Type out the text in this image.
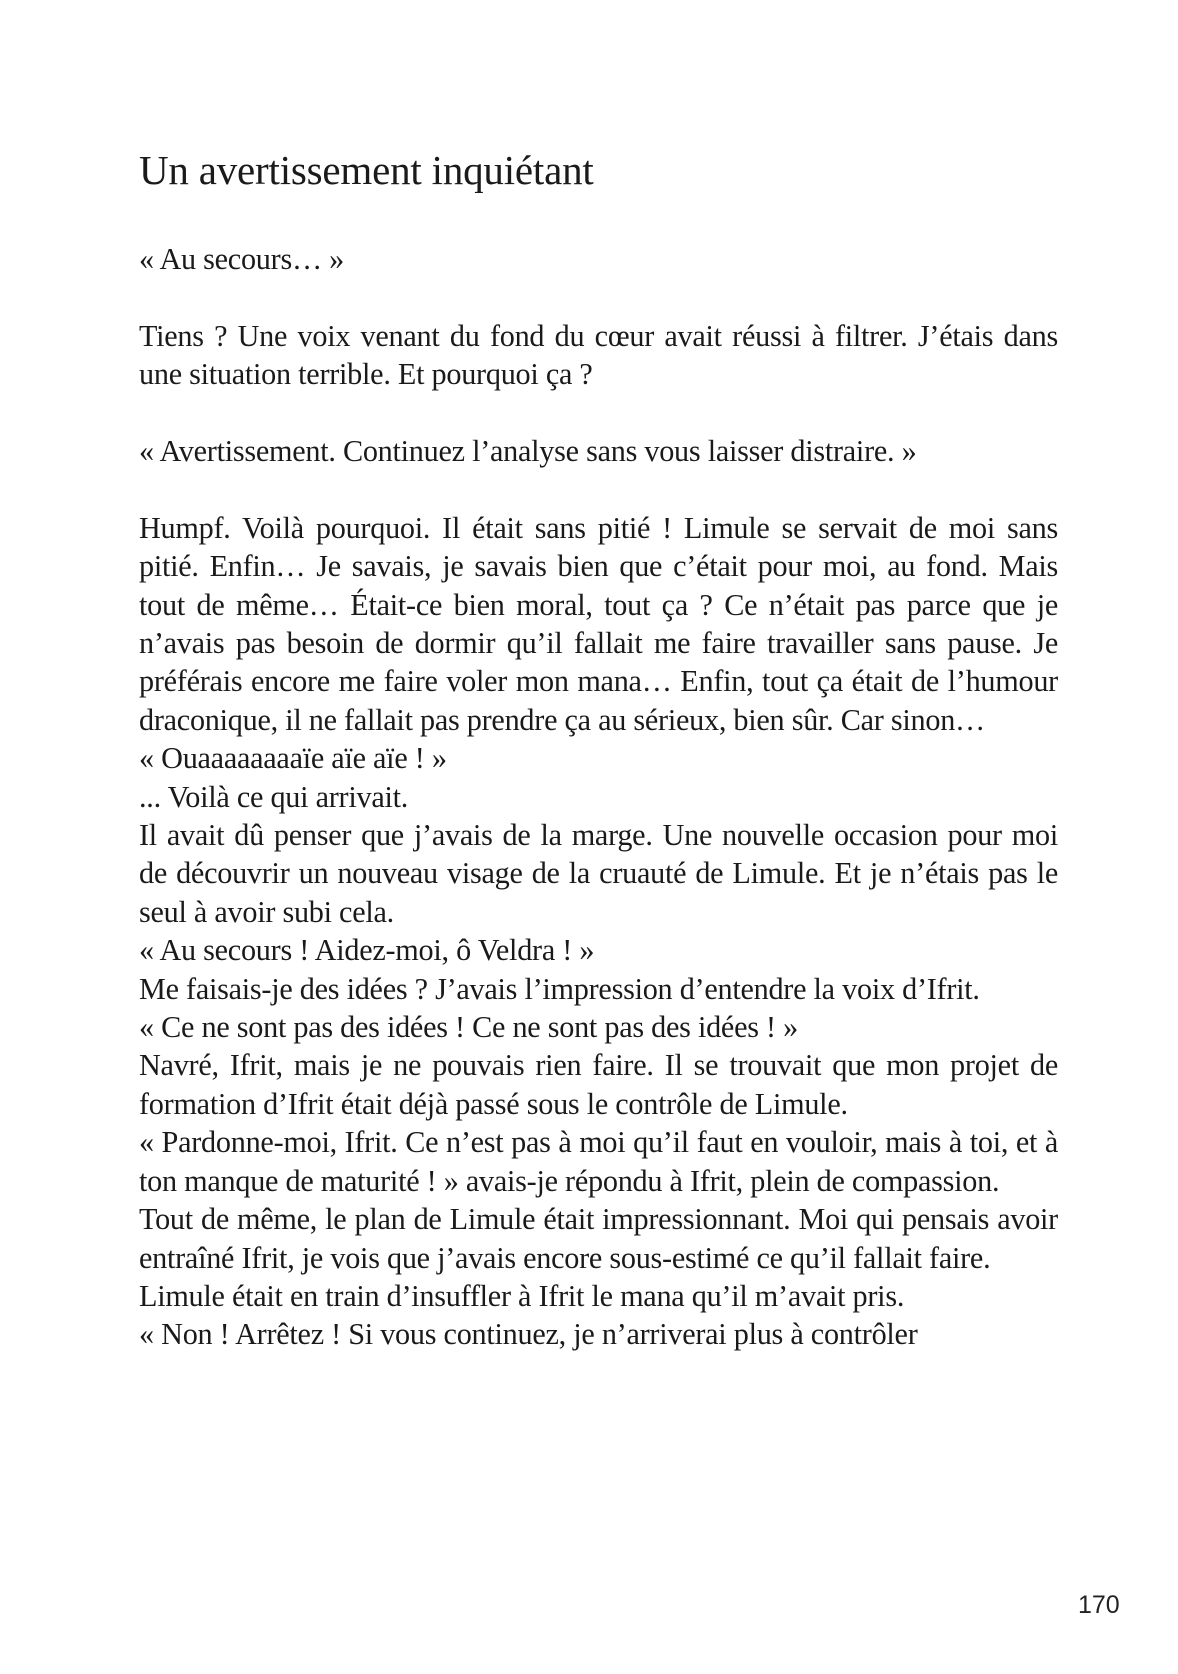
Un avertissement inquiétant

« Au secours… »

Tiens ? Une voix venant du fond du cœur avait réussi à filtrer. J’étais dans une situation terrible. Et pourquoi ça ?

« Avertissement. Continuez l’analyse sans vous laisser distraire. »

Humpf. Voilà pourquoi. Il était sans pitié ! Limule se servait de moi sans pitié. Enfin… Je savais, je savais bien que c’était pour moi, au fond. Mais tout de même… Était-ce bien moral, tout ça ? Ce n’était pas parce que je n’avais pas besoin de dormir qu’il fallait me faire travailler sans pause. Je préférais encore me faire voler mon mana… Enfin, tout ça était de l’humour draconique, il ne fallait pas prendre ça au sérieux, bien sûr. Car sinon…

« Ouaaaaaaaaïe aïe aïe ! »

... Voilà ce qui arrivait.

Il avait dû penser que j’avais de la marge. Une nouvelle occasion pour moi de découvrir un nouveau visage de la cruauté de Limule. Et je n’étais pas le seul à avoir subi cela.

« Au secours ! Aidez-moi, ô Veldra ! »

Me faisais-je des idées ? J’avais l’impression d’entendre la voix d’Ifrit.

« Ce ne sont pas des idées ! Ce ne sont pas des idées ! »

Navré, Ifrit, mais je ne pouvais rien faire. Il se trouvait que mon projet de formation d’Ifrit était déjà passé sous le contrôle de Limule.

« Pardonne-moi, Ifrit. Ce n’est pas à moi qu’il faut en vouloir, mais à toi, et à ton manque de maturité ! » avais-je répondu à Ifrit, plein de compassion.

Tout de même, le plan de Limule était impressionnant. Moi qui pensais avoir entraîné Ifrit, je vois que j’avais encore sous-estimé ce qu’il fallait faire.

Limule était en train d’insuffler à Ifrit le mana qu’il m’avait pris.

« Non ! Arrêtez ! Si vous continuez, je n’arriverai plus à contrôler

170
